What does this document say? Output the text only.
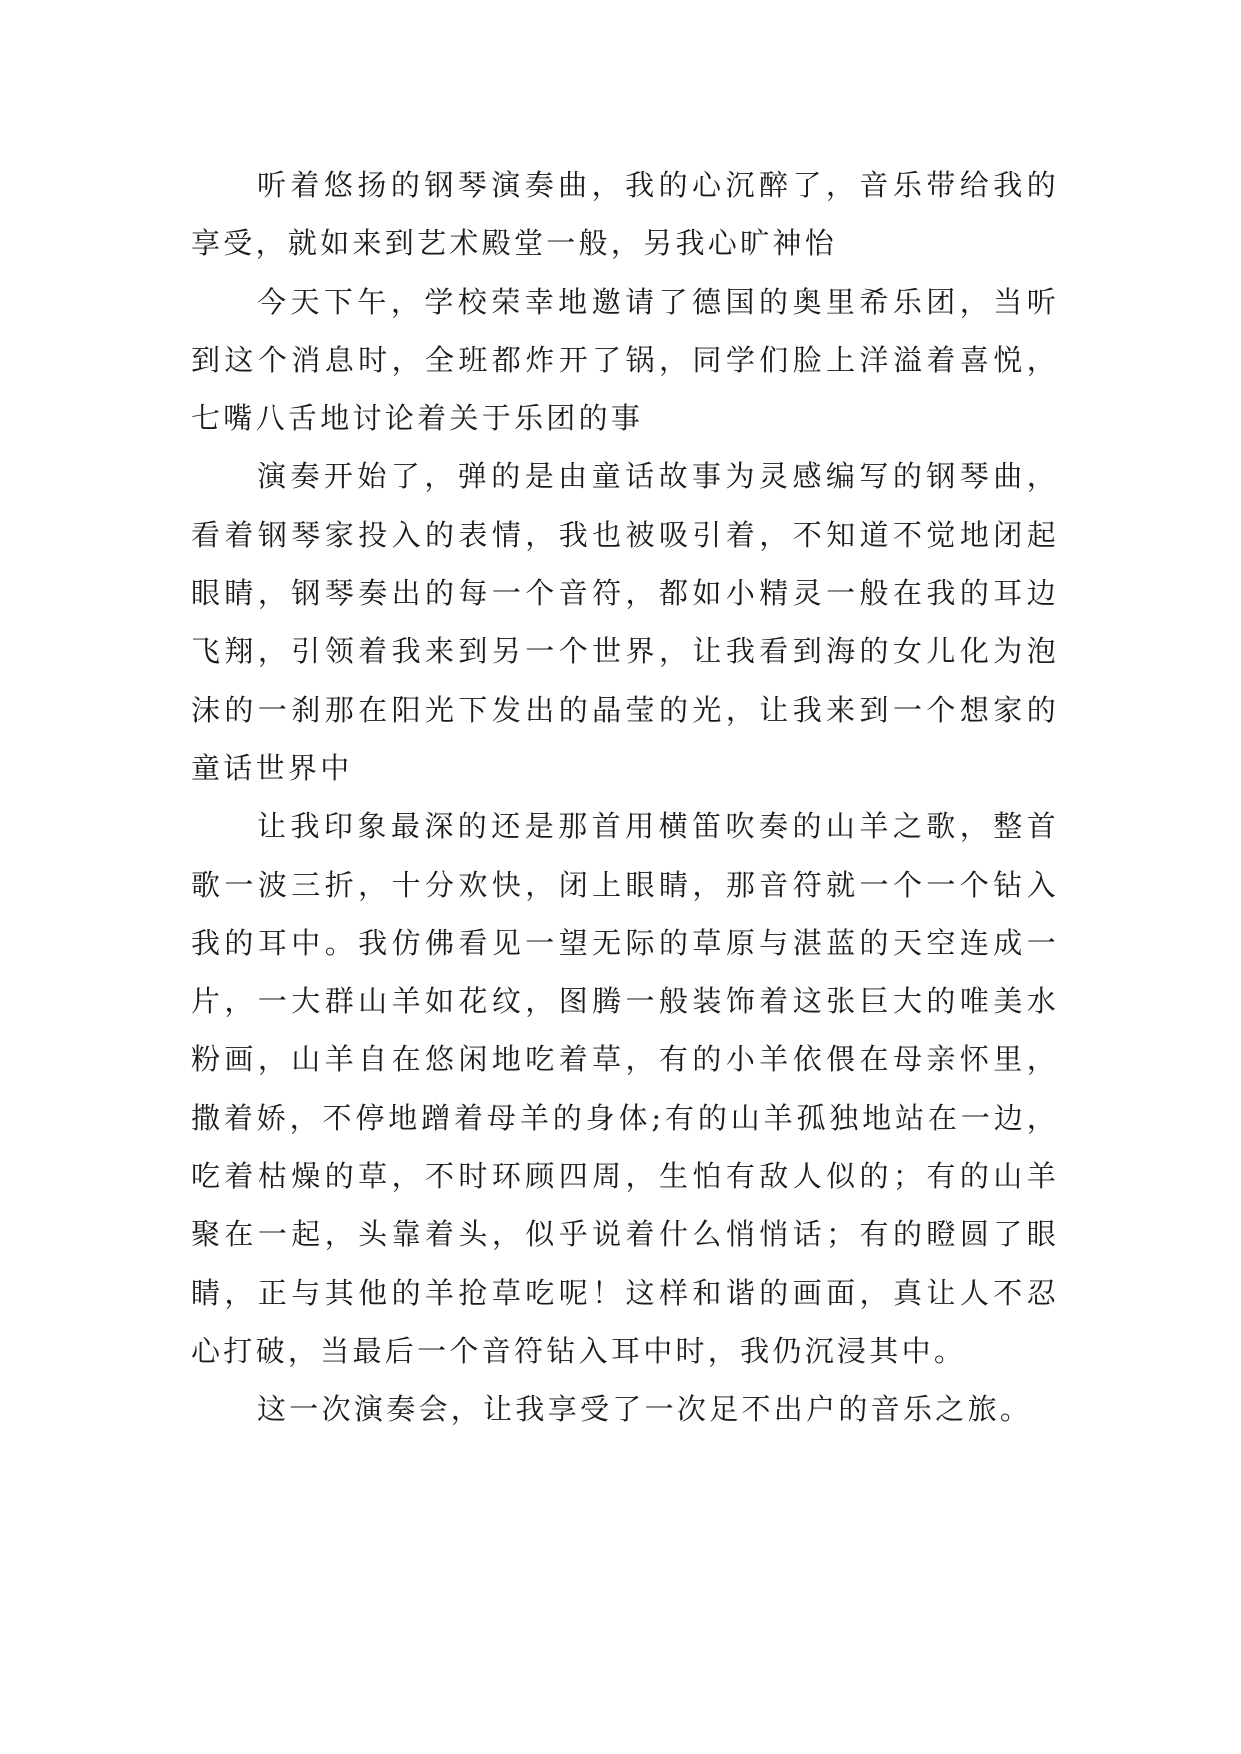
听着悠扬的钢琴演奏曲，我的心沉醉了，音乐带给我的享受，就如来到艺术殿堂一般，另我心旷神怡

今天下午，学校荣幸地邀请了德国的奥里希乐团，当听到这个消息时，全班都炸开了锅，同学们脸上洋溢着喜悦，七嘴八舌地讨论着关于乐团的事

演奏开始了，弹的是由童话故事为灵感编写的钢琴曲，看着钢琴家投入的表情，我也被吸引着，不知道不觉地闭起眼睛，钢琴奏出的每一个音符，都如小精灵一般在我的耳边飞翔，引领着我来到另一个世界，让我看到海的女儿化为泡沫的一刹那在阳光下发出的晶莹的光，让我来到一个想家的童话世界中

让我印象最深的还是那首用横笛吹奏的山羊之歌，整首歌一波三折，十分欢快，闭上眼睛，那音符就一个一个钻入我的耳中。我仿佛看见一望无际的草原与湛蓝的天空连成一片，一大群山羊如花纹，图腾一般装饰着这张巨大的唯美水粉画，山羊自在悠闲地吃着草，有的小羊依偎在母亲怀里，撒着娇，不停地蹭着母羊的身体;有的山羊孤独地站在一边，吃着枯燥的草，不时环顾四周，生怕有敌人似的；有的山羊聚在一起，头靠着头，似乎说着什么悄悄话；有的瞪圆了眼睛，正与其他的羊抢草吃呢！这样和谐的画面，真让人不忍心打破，当最后一个音符钻入耳中时，我仍沉浸其中。

这一次演奏会，让我享受了一次足不出户的音乐之旅。
